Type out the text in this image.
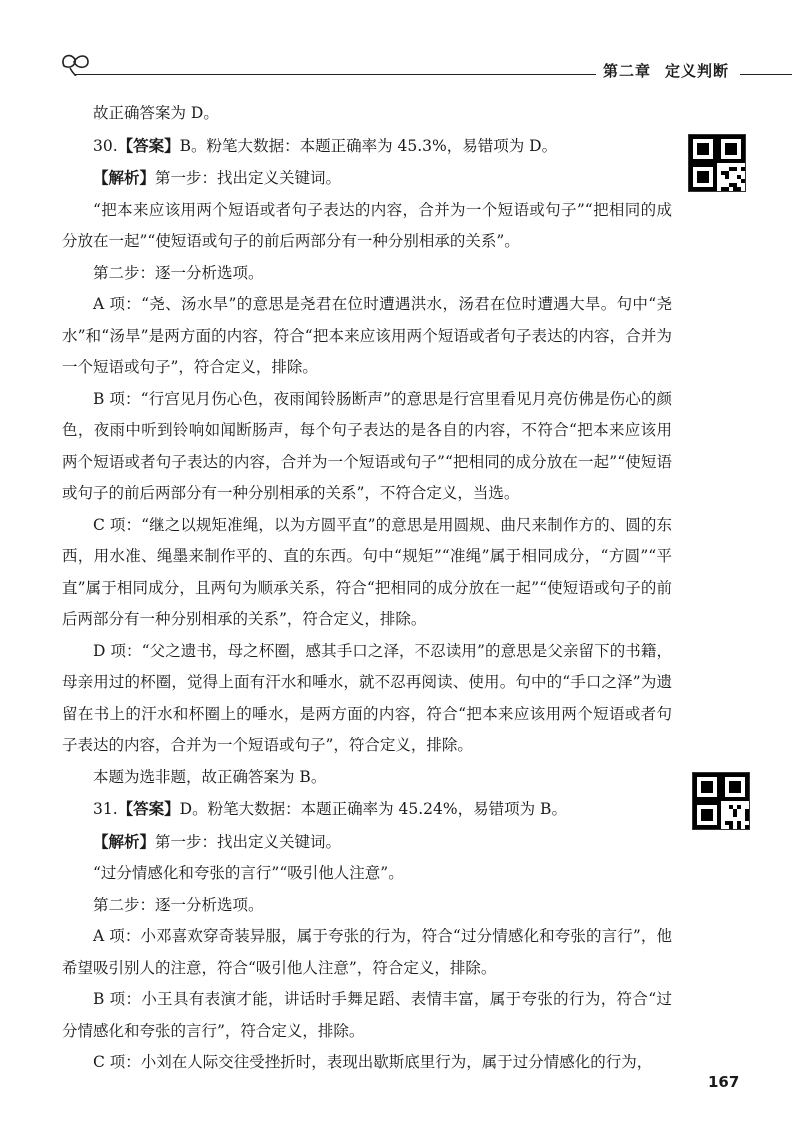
第二章 定义判断

故正确答案为 D。

30.【答案】B。粉笔大数据：本题正确率为 45.3%，易错项为 D。

【解析】第一步：找出定义关键词。

“把本来应该用两个短语或者句子表达的内容，合并为一个短语或句子”“把相同的成分放在一起”“使短语或句子的前后两部分有一种分别相承的关系”。

第二步：逐一分析选项。

A 项：“尧、汤水旱”的意思是尧君在位时遭遇洪水，汤君在位时遭遇大旱。句中“尧水”和“汤旱”是两方面的内容，符合“把本来应该用两个短语或者句子表达的内容，合并为一个短语或句子”，符合定义，排除。

B 项：“行宫见月伤心色，夜雨闻铃肠断声”的意思是行宫里看见月亮仿佛是伤心的颜色，夜雨中听到铃响如闻断肠声，每个句子表达的是各自的内容，不符合“把本来应该用两个短语或者句子表达的内容，合并为一个短语或句子”“把相同的成分放在一起”“使短语或句子的前后两部分有一种分别相承的关系”，不符合定义，当选。

C 项：“继之以规矩准绳，以为方圆平直”的意思是用圆规、曲尺来制作方的、圆的东西，用水准、绳墨来制作平的、直的东西。句中“规矩”“准绳”属于相同成分，“方圆”“平直”属于相同成分，且两句为顺承关系，符合“把相同的成分放在一起”“使短语或句子的前后两部分有一种分别相承的关系”，符合定义，排除。

D 项：“父之遗书，母之杯圈，感其手口之泽，不忍读用”的意思是父亲留下的书籍，母亲用过的杯圈，觉得上面有汗水和唾水，就不忍再阅读、使用。句中的“手口之泽”为遗留在书上的汗水和杯圈上的唾水，是两方面的内容，符合“把本来应该用两个短语或者句子表达的内容，合并为一个短语或句子”，符合定义，排除。

本题为选非题，故正确答案为 B。

31.【答案】D。粉笔大数据：本题正确率为 45.24%，易错项为 B。

【解析】第一步：找出定义关键词。

“过分情感化和夸张的言行”“吸引他人注意”。

第二步：逐一分析选项。

A 项：小邓喜欢穿奇装异服，属于夸张的行为，符合“过分情感化和夸张的言行”，他希望吸引别人的注意，符合“吸引他人注意”，符合定义，排除。

B 项：小王具有表演才能，讲话时手舞足蹈、表情丰富，属于夸张的行为，符合“过分情感化和夸张的言行”，符合定义，排除。

C 项：小刘在人际交往受挫折时，表现出歇斯底里行为，属于过分情感化的行为，

167
